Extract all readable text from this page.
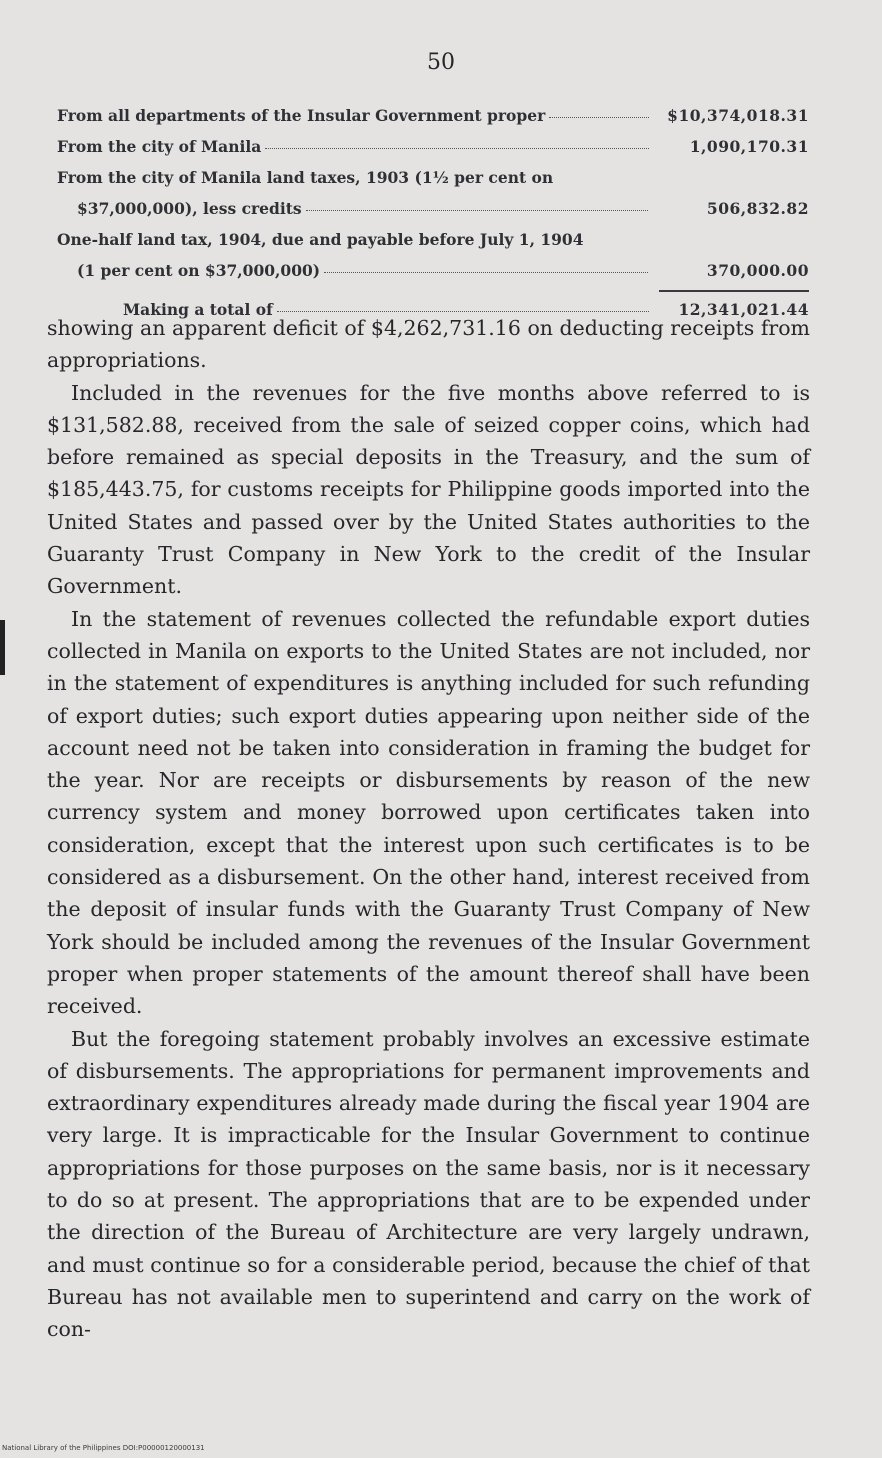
50
From all departments of the Insular Government proper	$10,374,018.31
From the city of Manila	1,090,170.31
From the city of Manila land taxes, 1903 (1½ per cent on
$37,000,000), less credits	506,832.82
One-half land tax, 1904, due and payable before July 1, 1904
(1 per cent on $37,000,000)	370,000.00
Making a total of	12,341,021.44

showing an apparent deficit of $4,262,731.16 on deducting receipts from appropriations.

Included in the revenues for the five months above referred to is $131,582.88, received from the sale of seized copper coins, which had before remained as special deposits in the Treasury, and the sum of $185,443.75, for customs receipts for Philippine goods imported into the United States and passed over by the United States authorities to the Guaranty Trust Company in New York to the credit of the Insular Government.

In the statement of revenues collected the refundable export duties collected in Manila on exports to the United States are not included, nor in the statement of expenditures is anything included for such refunding of export duties; such export duties appearing upon neither side of the account need not be taken into consideration in framing the budget for the year. Nor are receipts or disbursements by reason of the new currency system and money borrowed upon certificates taken into consideration, except that the interest upon such certificates is to be considered as a disbursement. On the other hand, interest received from the deposit of insular funds with the Guaranty Trust Company of New York should be included among the revenues of the Insular Government proper when proper statements of the amount thereof shall have been received.

But the foregoing statement probably involves an excessive estimate of disbursements. The appropriations for permanent improvements and extraordinary expenditures already made during the fiscal year 1904 are very large. It is impracticable for the Insular Government to continue appropriations for those purposes on the same basis, nor is it necessary to do so at present. The appropriations that are to be expended under the direction of the Bureau of Architecture are very largely undrawn, and must continue so for a considerable period, because the chief of that Bureau has not available men to superintend and carry on the work of con-

National Library of the Philippines DOI:P00000120000131
